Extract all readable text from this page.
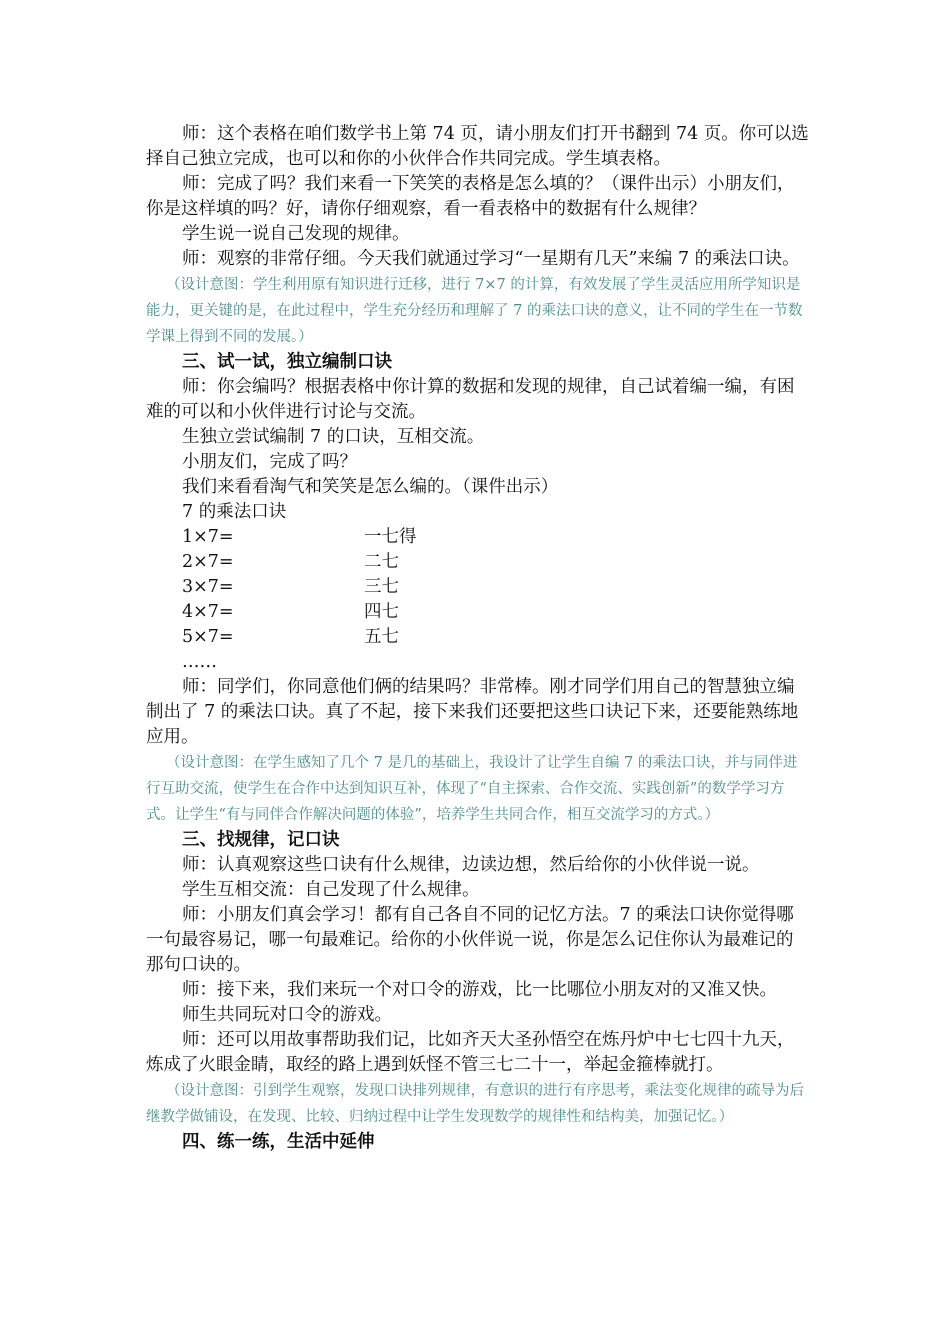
师：这个表格在咱们数学书上第 74 页，请小朋友们打开书翻到 74 页。你可以选择自己独立完成，也可以和你的小伙伴合作共同完成。学生填表格。

师：完成了吗？我们来看一下笑笑的表格是怎么填的？（课件出示）小朋友们，你是这样填的吗？好，请你仔细观察，看一看表格中的数据有什么规律？

学生说一说自己发现的规律。

师：观察的非常仔细。今天我们就通过学习“一星期有几天”来编 7 的乘法口诀。

（设计意图：学生利用原有知识进行迁移，进行 7×7 的计算，有效发展了学生灵活应用所学知识是能力，更关键的是，在此过程中，学生充分经历和理解了 7 的乘法口诀的意义，让不同的学生在一节数学课上得到不同的发展。）

三、试一试，独立编制口诀

师：你会编吗？根据表格中你计算的数据和发现的规律，自己试着编一编，有困难的可以和小伙伴进行讨论与交流。

生独立尝试编制 7 的口诀，互相交流。

小朋友们，完成了吗？

我们来看看淘气和笑笑是怎么编的。（课件出示）

7 的乘法口诀

1×7=	一七得
2×7=	二七
3×7=	三七
4×7=	四七
5×7=	五七

……

师：同学们，你同意他们俩的结果吗？非常棒。刚才同学们用自己的智慧独立编制出了 7 的乘法口诀。真了不起，接下来我们还要把这些口诀记下来，还要能熟练地应用。

（设计意图：在学生感知了几个 7 是几的基础上，我设计了让学生自编 7 的乘法口诀，并与同伴进行互助交流，使学生在合作中达到知识互补，体现了“自主探索、合作交流、实践创新”的数学学习方式。让学生“有与同伴合作解决问题的体验”，培养学生共同合作，相互交流学习的方式。）

三、找规律，记口诀

师：认真观察这些口诀有什么规律，边读边想，然后给你的小伙伴说一说。

学生互相交流：自己发现了什么规律。

师：小朋友们真会学习！都有自己各自不同的记忆方法。7 的乘法口诀你觉得哪一句最容易记，哪一句最难记。给你的小伙伴说一说，你是怎么记住你认为最难记的那句口诀的。

师：接下来，我们来玩一个对口令的游戏，比一比哪位小朋友对的又准又快。

师生共同玩对口令的游戏。

师：还可以用故事帮助我们记，比如齐天大圣孙悟空在炼丹炉中七七四十九天，炼成了火眼金睛，取经的路上遇到妖怪不管三七二十一，举起金箍棒就打。

（设计意图：引到学生观察，发现口诀排列规律，有意识的进行有序思考，乘法变化规律的疏导为后继教学做铺设，在发现、比较、归纳过程中让学生发现数学的规律性和结构美，加强记忆。）

四、练一练，生活中延伸
